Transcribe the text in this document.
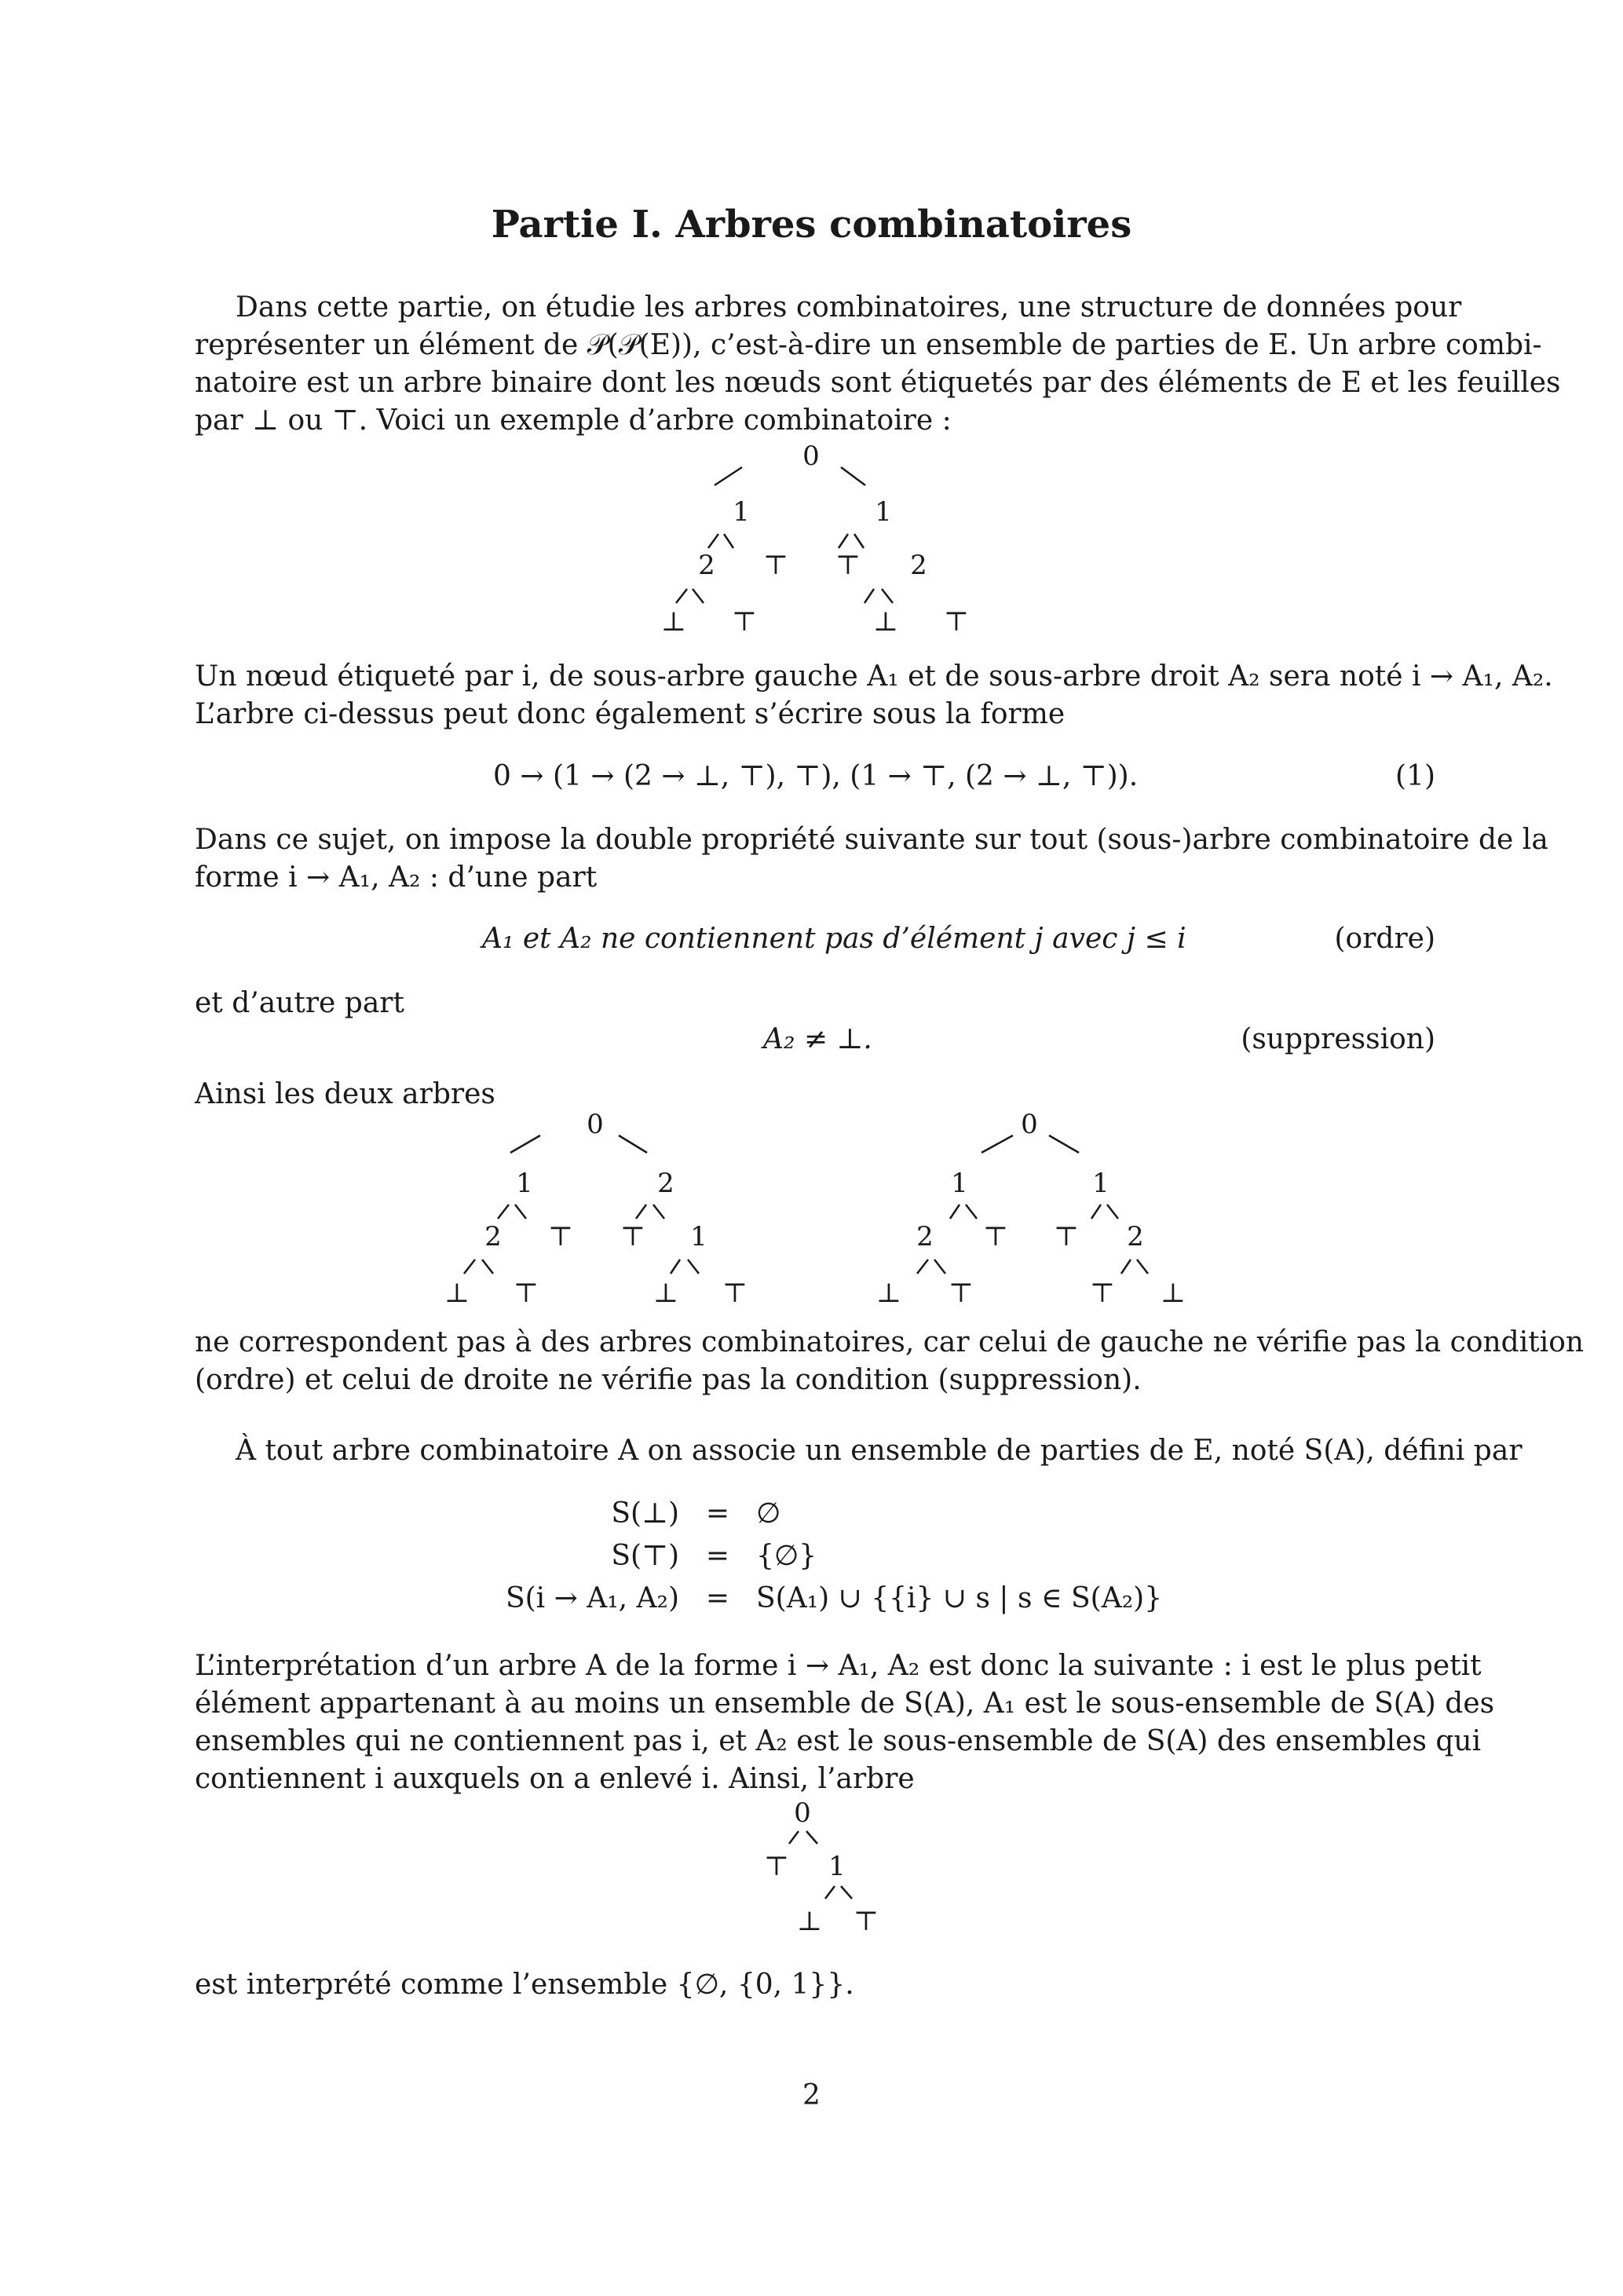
Partie I. Arbres combinatoires
Dans cette partie, on étudie les arbres combinatoires, une structure de données pour
représenter un élément de 𝒫(𝒫(E)), c’est-à-dire un ensemble de parties de E. Un arbre combi-
natoire est un arbre binaire dont les nœuds sont étiquetés par des éléments de E et les feuilles
par ⊥ ou ⊤. Voici un exemple d’arbre combinatoire :
0
1	1
2 ⊤ ⊤ 2
⊥ ⊤	⊥ ⊤
Un nœud étiqueté par i, de sous-arbre gauche A₁ et de sous-arbre droit A₂ sera noté i → A₁, A₂.
L’arbre ci-dessus peut donc également s’écrire sous la forme
0 → (1 → (2 → ⊥, ⊤), ⊤), (1 → ⊤, (2 → ⊥, ⊤)).	(1)
Dans ce sujet, on impose la double propriété suivante sur tout (sous-)arbre combinatoire de la
forme i → A₁, A₂ : d’une part
A₁ et A₂ ne contiennent pas d’élément j avec j ≤ i	(ordre)
et d’autre part
A₂ ≠ ⊥.	(suppression)
Ainsi les deux arbres
0
1	2
2 ⊤ ⊤ 1
⊥ ⊤	⊥ ⊤
0
1	1
2 ⊤ ⊤ 2
⊥ ⊤	⊤ ⊥
ne correspondent pas à des arbres combinatoires, car celui de gauche ne vérifie pas la condition
(ordre) et celui de droite ne vérifie pas la condition (suppression).
À tout arbre combinatoire A on associe un ensemble de parties de E, noté S(A), défini par
S(⊥)	=	∅
S(⊤)	=	{∅}
S(i → A₁, A₂)	=	S(A₁) ∪ {{i} ∪ s | s ∈ S(A₂)}
L’interprétation d’un arbre A de la forme i → A₁, A₂ est donc la suivante : i est le plus petit
élément appartenant à au moins un ensemble de S(A), A₁ est le sous-ensemble de S(A) des
ensembles qui ne contiennent pas i, et A₂ est le sous-ensemble de S(A) des ensembles qui
contiennent i auxquels on a enlevé i. Ainsi, l’arbre
0
⊤ 1
⊥ ⊤
est interprété comme l’ensemble {∅, {0, 1}}.
2
